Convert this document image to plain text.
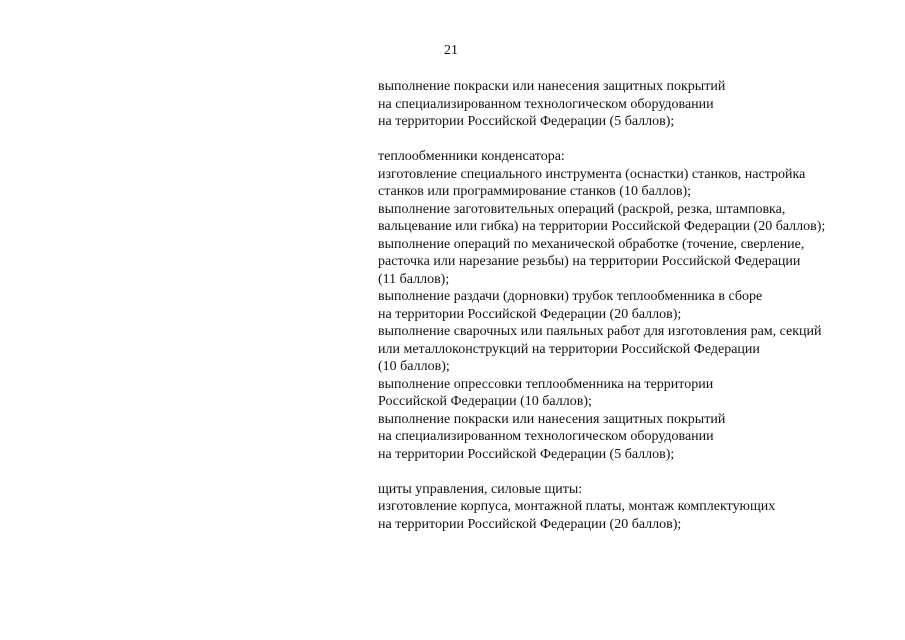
21
выполнение покраски или нанесения защитных покрытий
на специализированном технологическом оборудовании
на территории Российской Федерации (5 баллов);
теплообменники конденсатора:
изготовление специального инструмента (оснастки) станков, настройка
станков или программирование станков (10 баллов);
выполнение заготовительных операций (раскрой, резка, штамповка,
вальцевание или гибка) на территории Российской Федерации (20 баллов);
выполнение операций по механической обработке (точение, сверление,
расточка или нарезание резьбы) на территории Российской Федерации
(11 баллов);
выполнение раздачи (дорновки) трубок теплообменника в сборе
на территории Российской Федерации (20 баллов);
выполнение сварочных или паяльных работ для изготовления рам, секций
или металлоконструкций на территории Российской Федерации
(10 баллов);
выполнение опрессовки теплообменника на территории
Российской Федерации (10 баллов);
выполнение покраски или нанесения защитных покрытий
на специализированном технологическом оборудовании
на территории Российской Федерации (5 баллов);
щиты управления, силовые щиты:
изготовление корпуса, монтажной платы, монтаж комплектующих
на территории Российской Федерации (20 баллов);
